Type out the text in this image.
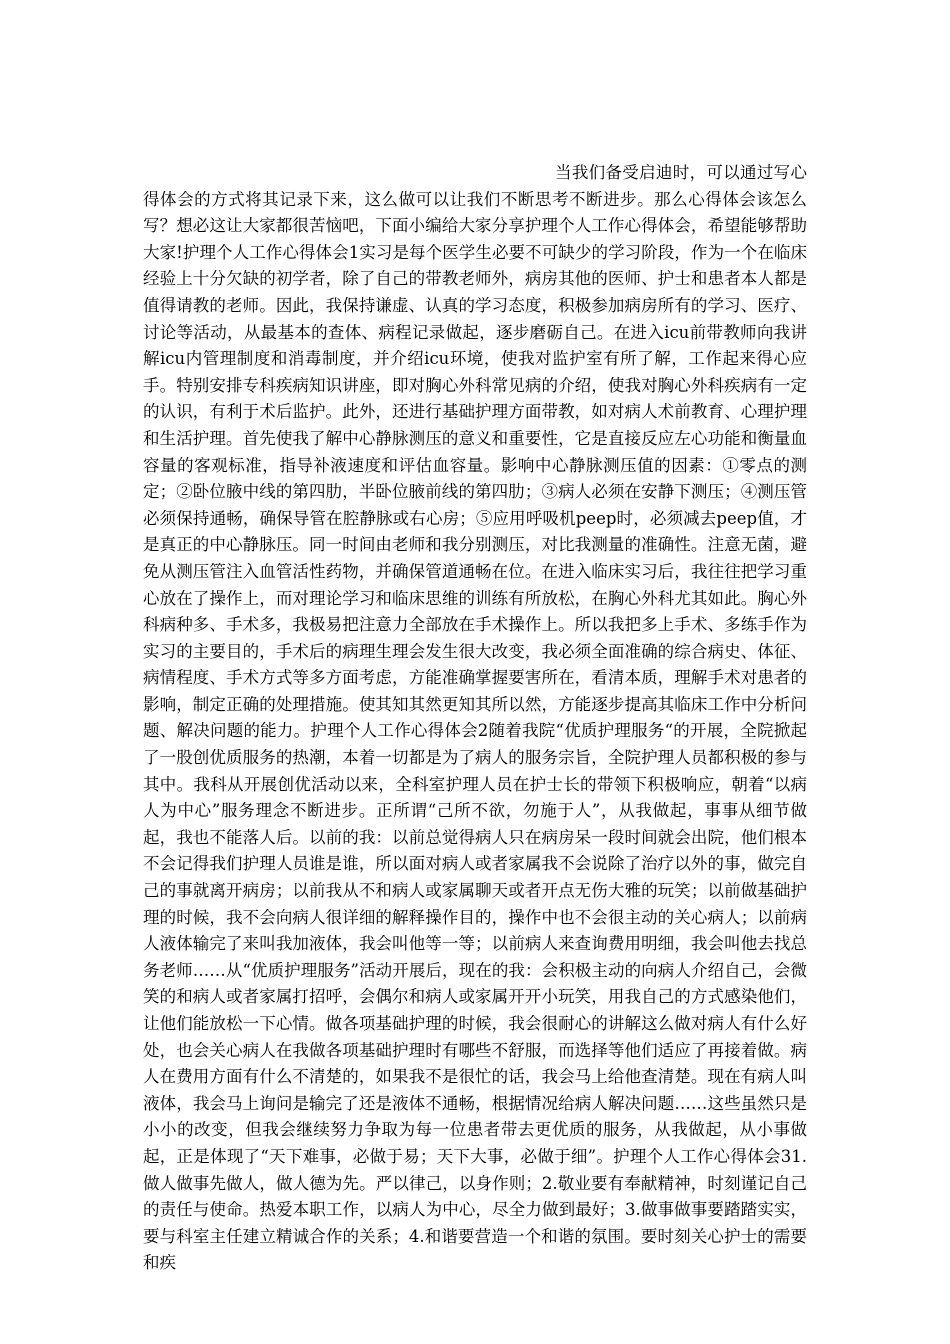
当我们备受启迪时，可以通过写心得体会的方式将其记录下来，这么做可以让我们不断思考不断进步。那么心得体会该怎么写？想必这让大家都很苦恼吧，下面小编给大家分享护理个人工作心得体会，希望能够帮助大家!护理个人工作心得体会1实习是每个医学生必要不可缺少的学习阶段，作为一个在临床经验上十分欠缺的初学者，除了自己的带教老师外，病房其他的医师、护士和患者本人都是值得请教的老师。因此，我保持谦虚、认真的学习态度，积极参加病房所有的学习、医疗、讨论等活动，从最基本的查体、病程记录做起，逐步磨砺自己。在进入icu前带教师向我讲解icu内管理制度和消毒制度，并介绍icu环境，使我对监护室有所了解，工作起来得心应手。特别安排专科疾病知识讲座，即对胸心外科常见病的介绍，使我对胸心外科疾病有一定的认识，有利于术后监护。此外，还进行基础护理方面带教，如对病人术前教育、心理护理和生活护理。首先使我了解中心静脉测压的意义和重要性，它是直接反应左心功能和衡量血容量的客观标准，指导补液速度和评估血容量。影响中心静脉测压值的因素：①零点的测定；②卧位腋中线的第四肋，半卧位腋前线的第四肋；③病人必须在安静下测压；④测压管必须保持通畅，确保导管在腔静脉或右心房；⑤应用呼吸机peep时，必须减去peep值，才是真正的中心静脉压。同一时间由老师和我分别测压，对比我测量的准确性。注意无菌，避免从测压管注入血管活性药物，并确保管道通畅在位。在进入临床实习后，我往往把学习重心放在了操作上，而对理论学习和临床思维的训练有所放松，在胸心外科尤其如此。胸心外科病种多、手术多，我极易把注意力全部放在手术操作上。所以我把多上手术、多练手作为实习的主要目的，手术后的病理生理会发生很大改变，我必须全面准确的综合病史、体征、病情程度、手术方式等多方面考虑，方能准确掌握要害所在，看清本质，理解手术对患者的影响，制定正确的处理措施。使其知其然更知其所以然，方能逐步提高其临床工作中分析问题、解决问题的能力。护理个人工作心得体会2随着我院“优质护理服务“的开展，全院掀起了一股创优质服务的热潮，本着一切都是为了病人的服务宗旨，全院护理人员都积极的参与其中。我科从开展创优活动以来，全科室护理人员在护士长的带领下积极响应，朝着“以病人为中心”服务理念不断进步。正所谓“己所不欲，勿施于人”，从我做起，事事从细节做起，我也不能落人后。以前的我：以前总觉得病人只在病房呆一段时间就会出院，他们根本不会记得我们护理人员谁是谁，所以面对病人或者家属我不会说除了治疗以外的事，做完自己的事就离开病房；以前我从不和病人或家属聊天或者开点无伤大雅的玩笑；以前做基础护理的时候，我不会向病人很详细的解释操作目的，操作中也不会很主动的关心病人；以前病人液体输完了来叫我加液体，我会叫他等一等；以前病人来查询费用明细，我会叫他去找总务老师……从“优质护理服务”活动开展后，现在的我：会积极主动的向病人介绍自己，会微笑的和病人或者家属打招呼，会偶尔和病人或家属开开小玩笑，用我自己的方式感染他们，让他们能放松一下心情。做各项基础护理的时候，我会很耐心的讲解这么做对病人有什么好处，也会关心病人在我做各项基础护理时有哪些不舒服，而选择等他们适应了再接着做。病人在费用方面有什么不清楚的，如果我不是很忙的话，我会马上给他查清楚。现在有病人叫液体，我会马上询问是输完了还是液体不通畅，根据情况给病人解决问题……这些虽然只是小小的改变，但我会继续努力争取为每一位患者带去更优质的服务，从我做起，从小事做起，正是体现了“天下难事，必做于易；天下大事，必做于细”。护理个人工作心得体会31.做人做事先做人，做人德为先。严以律己，以身作则；2.敬业要有奉献精神，时刻谨记自己的责任与使命。热爱本职工作，以病人为中心，尽全力做到最好；3.做事做事要踏踏实实，要与科室主任建立精诚合作的关系；4.和谐要营造一个和谐的氛围。要时刻关心护士的需要和疾
